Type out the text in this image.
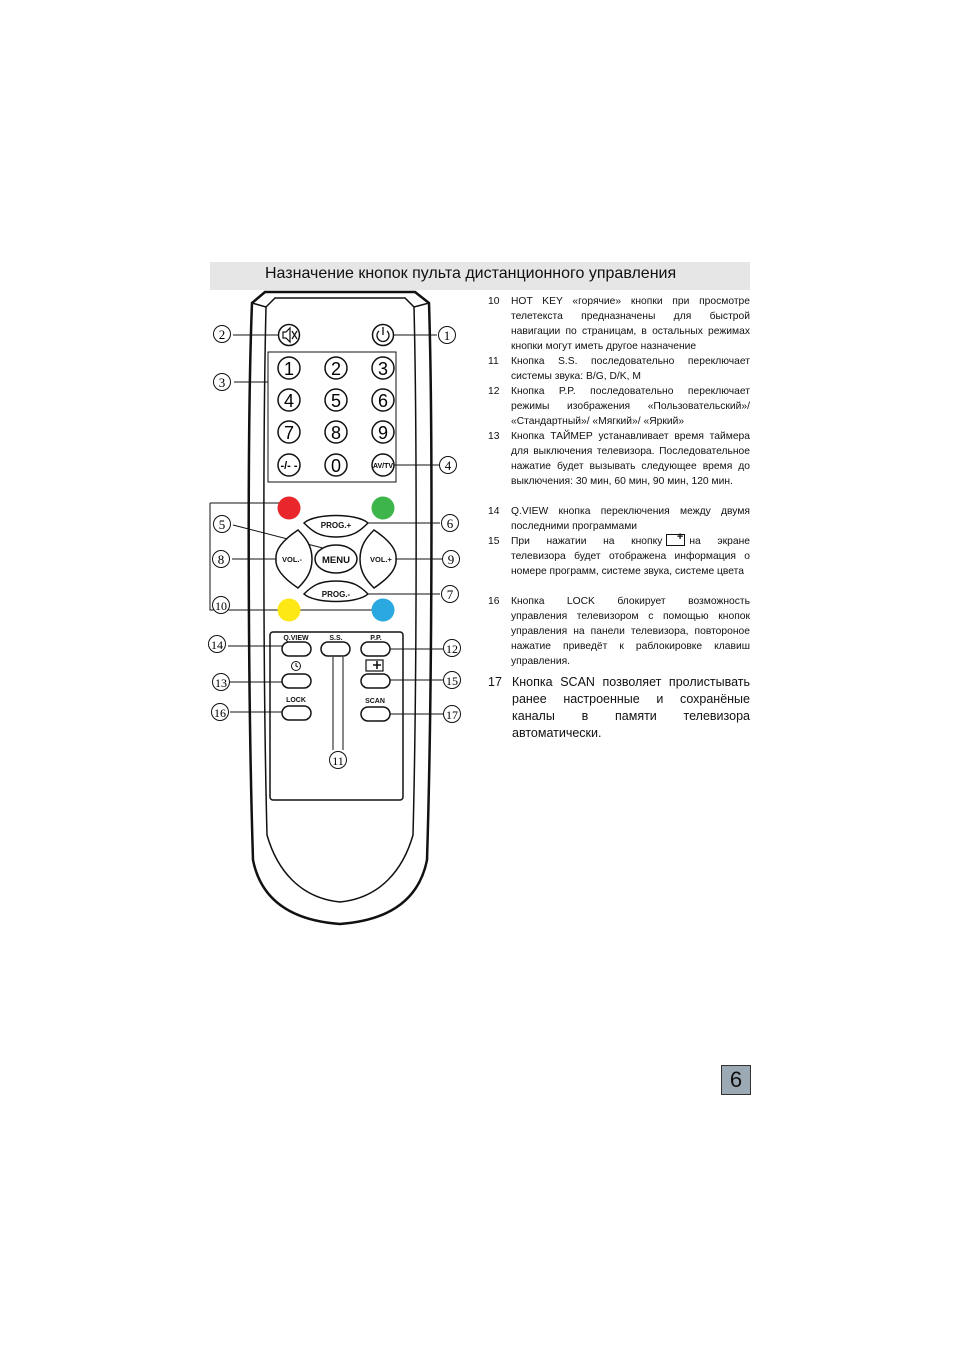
Назначение кнопок пульта дистанционного управления
1 2 3
4 5 6
7 8 9
-/- - 0	AV/TV
PROG.+
PROG.-
VOL.-	VOL.+
MENU
Q.VIEW	S.S.	P.P.
LOCK	SCAN
1
2
3
4
5	6
7
8	9
10
11
12
13
14
15
16	17
10 HOT KEY «горячие» кнопки при просмотре телетекста предназначены для быстрой навигации по страницам, в остальных режимах кнопки могут иметь другое назначение
11 Кнопка S.S. последовательно переключает системы звука: B/G, D/K, M
12 Кнопка P.P. последовательно переключает режимы изображения «Пользовательский»/ «Стандартный»/ «Мягкий»/ «Яркий»
13 Кнопка ТАЙМЕР устанавливает время таймера для выключения телевизора. Последовательное нажатие будет вызывать следующее время до выключения: 30 мин, 60 мин, 90 мин, 120 мин.
14 Q.VIEW кнопка переключения между двумя последними программами
15 При нажатии на кнопку +	на экране телевизора будет отображена информация о номере программ, системе звука, системе цвета
16 Кнопка LOCK блокирует возможность управления телевизором с помощью кнопок управления на панели телевизора, повтороное нажатие приведёт к раблокировке клавиш управления.
17 Кнопка SCAN позволяет пролистывать ранее настроенные и сохранёные каналы в памяти телевизора автоматически.
6
